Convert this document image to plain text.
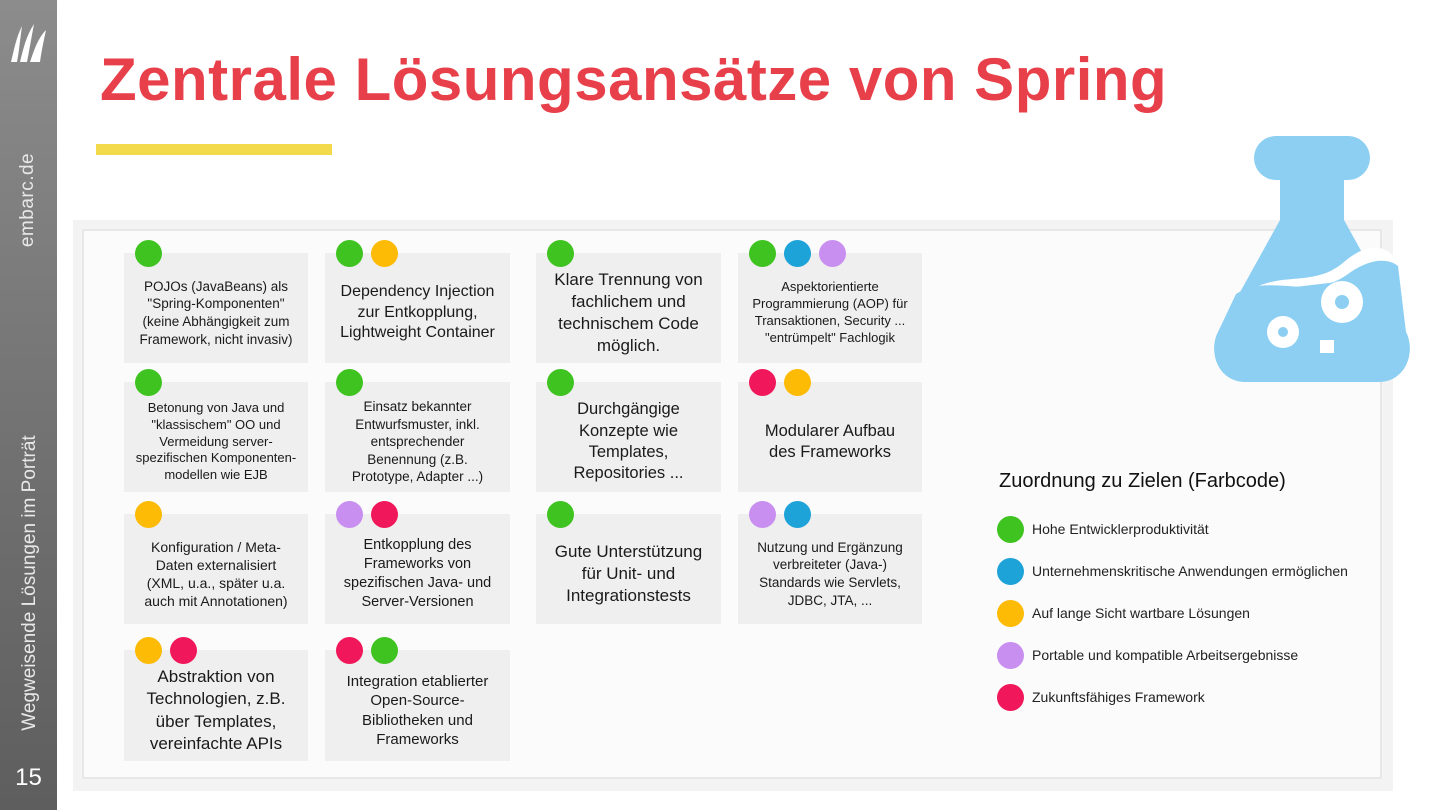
embarc.de
Wegweisende Lösungen im Porträt
15
Zentrale Lösungsansätze von Spring
POJOs (JavaBeans) als "Spring-Komponenten" (keine Abhängigkeit zum Framework, nicht invasiv)
Dependency Injection zur Entkopplung, Lightweight Container
Klare Trennung von fachlichem und technischem Code möglich.
Aspektorientierte Programmierung (AOP) für Transaktionen, Security ... "entrümpelt" Fachlogik
Betonung von Java und "klassischem" OO und Vermeidung server-spezifischen Komponenten-modellen wie EJB
Einsatz bekannter Entwurfsmuster, inkl. entsprechender Benennung (z.B. Prototype, Adapter ...)
Durchgängige Konzepte wie Templates, Repositories ...
Modularer Aufbau des Frameworks
Konfiguration / Meta-Daten externalisiert (XML, u.a., später u.a. auch mit Annotationen)
Entkopplung des Frameworks von spezifischen Java- und Server-Versionen
Gute Unterstützung für Unit- und Integrationstests
Nutzung und Ergänzung verbreiteter (Java-) Standards wie Servlets, JDBC, JTA, ...
Abstraktion von Technologien, z.B. über Templates, vereinfachte APIs
Integration etablierter Open-Source-Bibliotheken und Frameworks
Zuordnung zu Zielen (Farbcode)
Hohe Entwicklerproduktivität
Unternehmenskritische Anwendungen ermöglichen
Auf lange Sicht wartbare Lösungen
Portable und kompatible Arbeitsergebnisse
Zukunftsfähiges Framework
